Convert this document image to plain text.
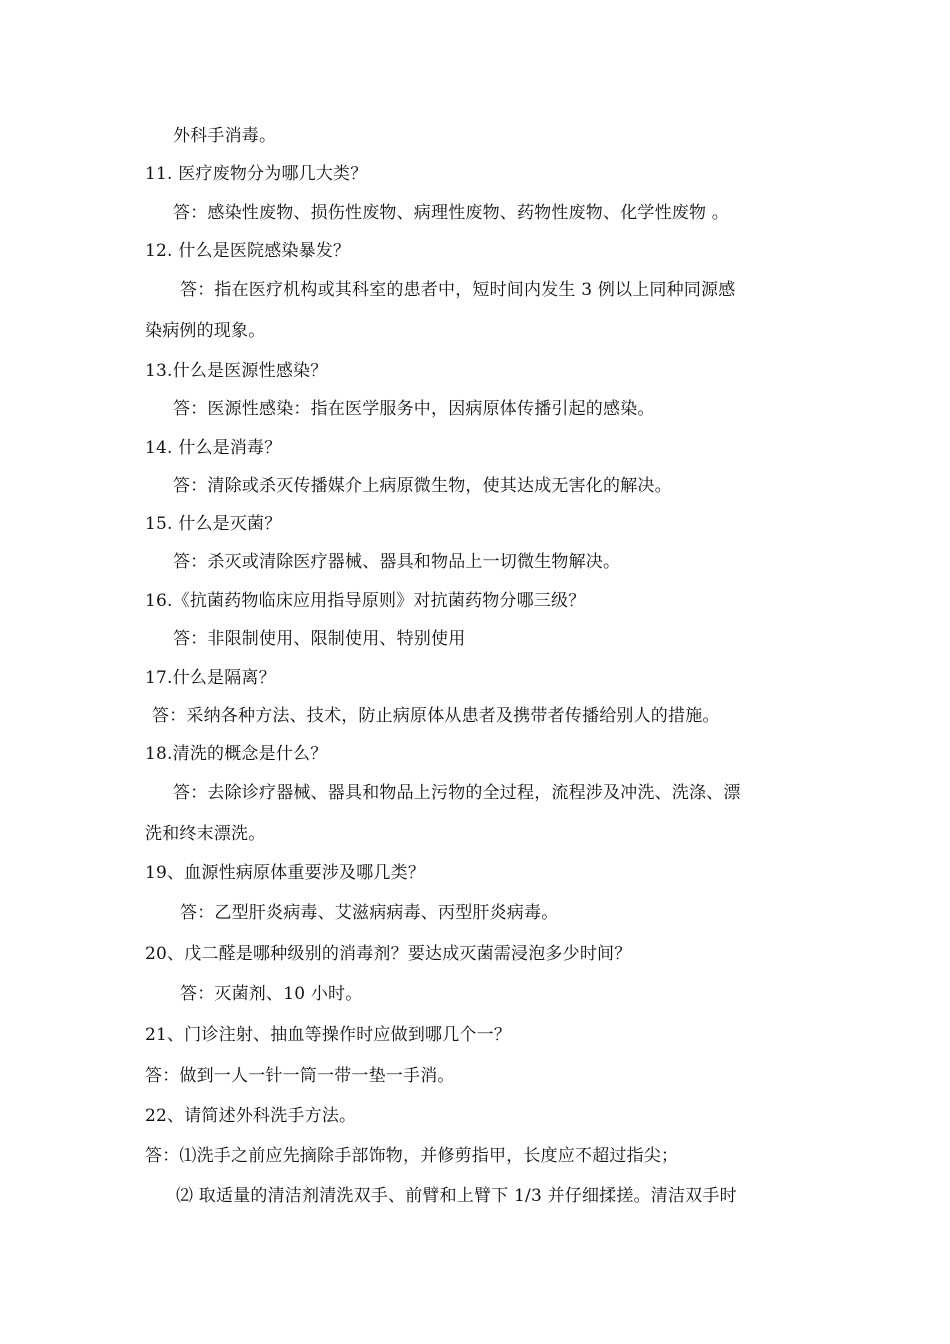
外科手消毒。
11. 医疗废物分为哪几大类？
答：感染性废物、损伤性废物、病理性废物、药物性废物、化学性废物 。
12. 什么是医院感染暴发？
答：指在医疗机构或其科室的患者中，短时间内发生 3 例以上同种同源感
染病例的现象。
13.什么是医源性感染？
答：医源性感染：指在医学服务中，因病原体传播引起的感染。
14. 什么是消毒？
答：清除或杀灭传播媒介上病原微生物，使其达成无害化的解决。
15. 什么是灭菌？
答：杀灭或清除医疗器械、器具和物品上一切微生物解决。
16.《抗菌药物临床应用指导原则》对抗菌药物分哪三级？
答：非限制使用、限制使用、特别使用
17.什么是隔离？
答：采纳各种方法、技术，防止病原体从患者及携带者传播给别人的措施。
18.清洗的概念是什么？
答：去除诊疗器械、器具和物品上污物的全过程，流程涉及冲洗、洗涤、漂
洗和终末漂洗。
19、血源性病原体重要涉及哪几类？
答：乙型肝炎病毒、艾滋病病毒、丙型肝炎病毒。
20、戊二醛是哪种级别的消毒剂？要达成灭菌需浸泡多少时间？
答：灭菌剂、10 小时。
21、门诊注射、抽血等操作时应做到哪几个一？
答：做到一人一针一筒一带一垫一手消。
22、请简述外科洗手方法。
答：⑴洗手之前应先摘除手部饰物，并修剪指甲，长度应不超过指尖；
⑵ 取适量的清洁剂清洗双手、前臂和上臂下 1/3 并仔细揉搓。清洁双手时
